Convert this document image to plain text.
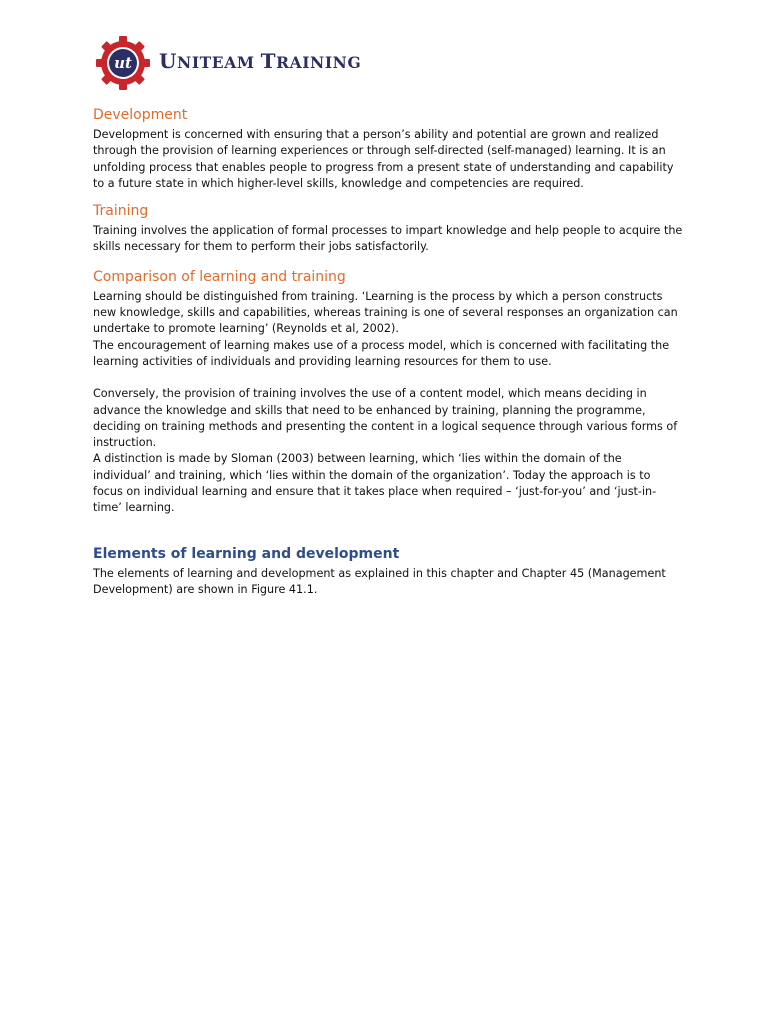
ut UNITEAM TRAINING
Development

Development is concerned with ensuring that a person’s ability and potential are grown and realized through the provision of learning experiences or through self-directed (self-managed) learning. It is an unfolding process that enables people to progress from a present state of understanding and capability to a future state in which higher-level skills, knowledge and competencies are required.

Training

Training involves the application of formal processes to impart knowledge and help people to acquire the skills necessary for them to perform their jobs satisfactorily.

Comparison of learning and training

Learning should be distinguished from training. ‘Learning is the process by which a person constructs new knowledge, skills and capabilities, whereas training is one of several responses an organization can undertake to promote learning’ (Reynolds et al, 2002).

The encouragement of learning makes use of a process model, which is concerned with facilitating the learning activities of individuals and providing learning resources for them to use.

Conversely, the provision of training involves the use of a content model, which means deciding in advance the knowledge and skills that need to be enhanced by training, planning the programme, deciding on training methods and presenting the content in a logical sequence through various forms of instruction.

A distinction is made by Sloman (2003) between learning, which ‘lies within the domain of the individual’ and training, which ‘lies within the domain of the organization’. Today the approach is to focus on individual learning and ensure that it takes place when required – ‘just-for-you’ and ‘just-in-time’ learning.

Elements of learning and development

The elements of learning and development as explained in this chapter and Chapter 45 (Management Development) are shown in Figure 41.1.
